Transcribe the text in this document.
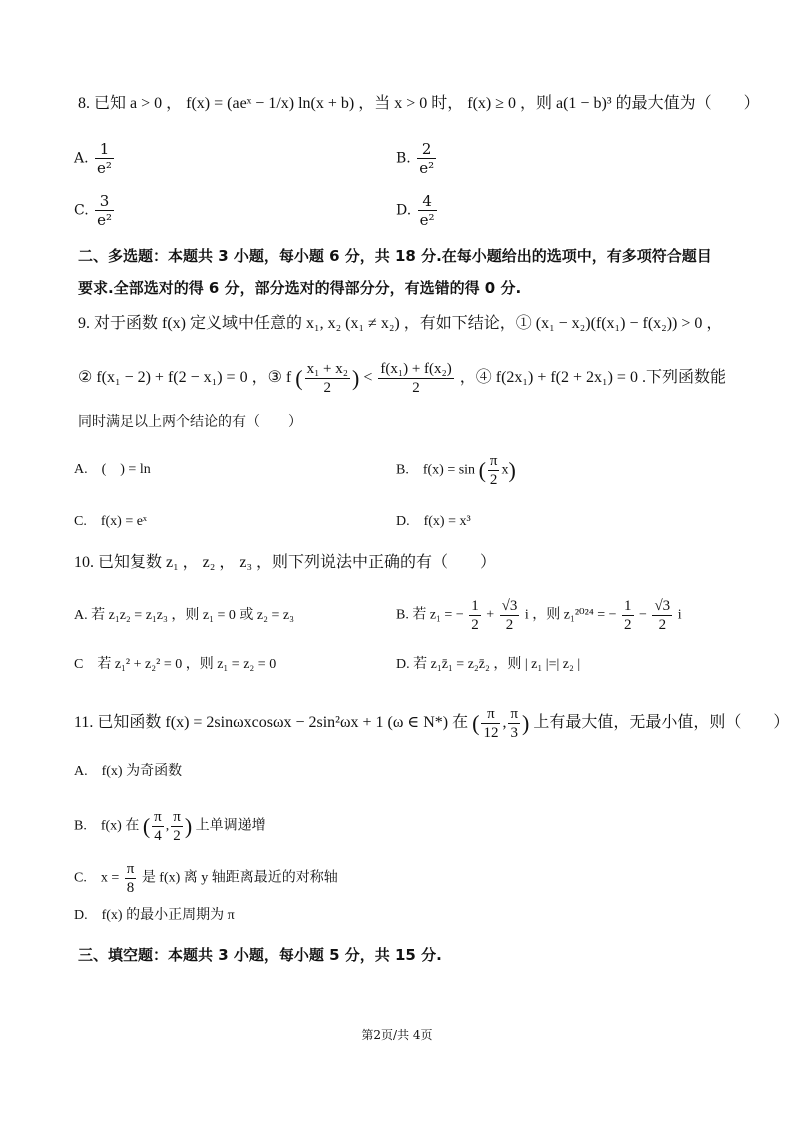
8. 已知 a > 0 ， f(x) = (aeˣ − 1/x) ln(x + b) ，当 x > 0 时， f(x) ≥ 0 ，则 a(1 − b)³ 的最大值为（　　）
A. $\frac{1}{\text{e²}}$	B. $\frac{2}{\text{e²}}$
C. $\frac{3}{\text{e²}}$	D. $\frac{4}{\text{e²}}$
二、多选题：本题共 3 小题，每小题 6 分，共 18 分.在每小题给出的选项中，有多项符合题目
要求.全部选对的得 6 分，部分选对的得部分分，有选错的得 0 分.
9. 对于函数 f(x) 定义域中任意的 x₁, x₂ (x₁ ≠ x₂) ，有如下结论，① (x₁ − x₂)(f(x₁) − f(x₂)) > 0 ，
② f(x₁ − 2) + f(2 − x₁) = 0 ，③ f ( $\frac{\text{x₁ + x₂}}{2}$ ) < $\frac{\text{f(x₁) + f(x₂)}}{2}$ ，④ f(2x₁) + f(2 + 2x₁) = 0 .下列函数能
同时满足以上两个结论的有（　　）
A.　(　) = ln	B.　f(x) = sin ( $\frac{\pi}{2} x$)
C.　f(x) = eˣ	D.　f(x) = x³
10. 已知复数 z₁ ， z₂ ， z₃ ，则下列说法中正确的有（　　）
A. 若 z₁z₂ = z₁z₃ ，则 z₁ = 0 或 z₂ = z₃	B. 若 z₁ = − $\frac{1}{2} + \frac{√3}{2}$ i ，则 z₁²⁰²⁴ = − $\frac{1}{2} - \frac{√3}{2}$ i
C　若 z₁² + z₂² = 0 ，则 z₁ = z₂ = 0	D. 若 z₁z̄₁ = z₂z̄₂ ，则 | z₁ |=| z₂ |
11. 已知函数 f(x) = 2sinωxcosωx − 2sin²ωx + 1 (ω ∈ N*) 在 ( $\frac{\pi}{12}$ , $\frac{\pi}{3}$ ) 上有最大值，无最小值，则（　　）
A.　f(x) 为奇函数
B.　f(x) 在 ( $\frac{\pi}{4}$ , $\frac{\pi}{2}$ ) 上单调递增
C.　$x = \frac{\pi}{8}$ 是 f(x) 离 y 轴距离最近的对称轴
D.　f(x) 的最小正周期为 π
三、填空题：本题共 3 小题，每小题 5 分，共 15 分.
第2页/共 4页
